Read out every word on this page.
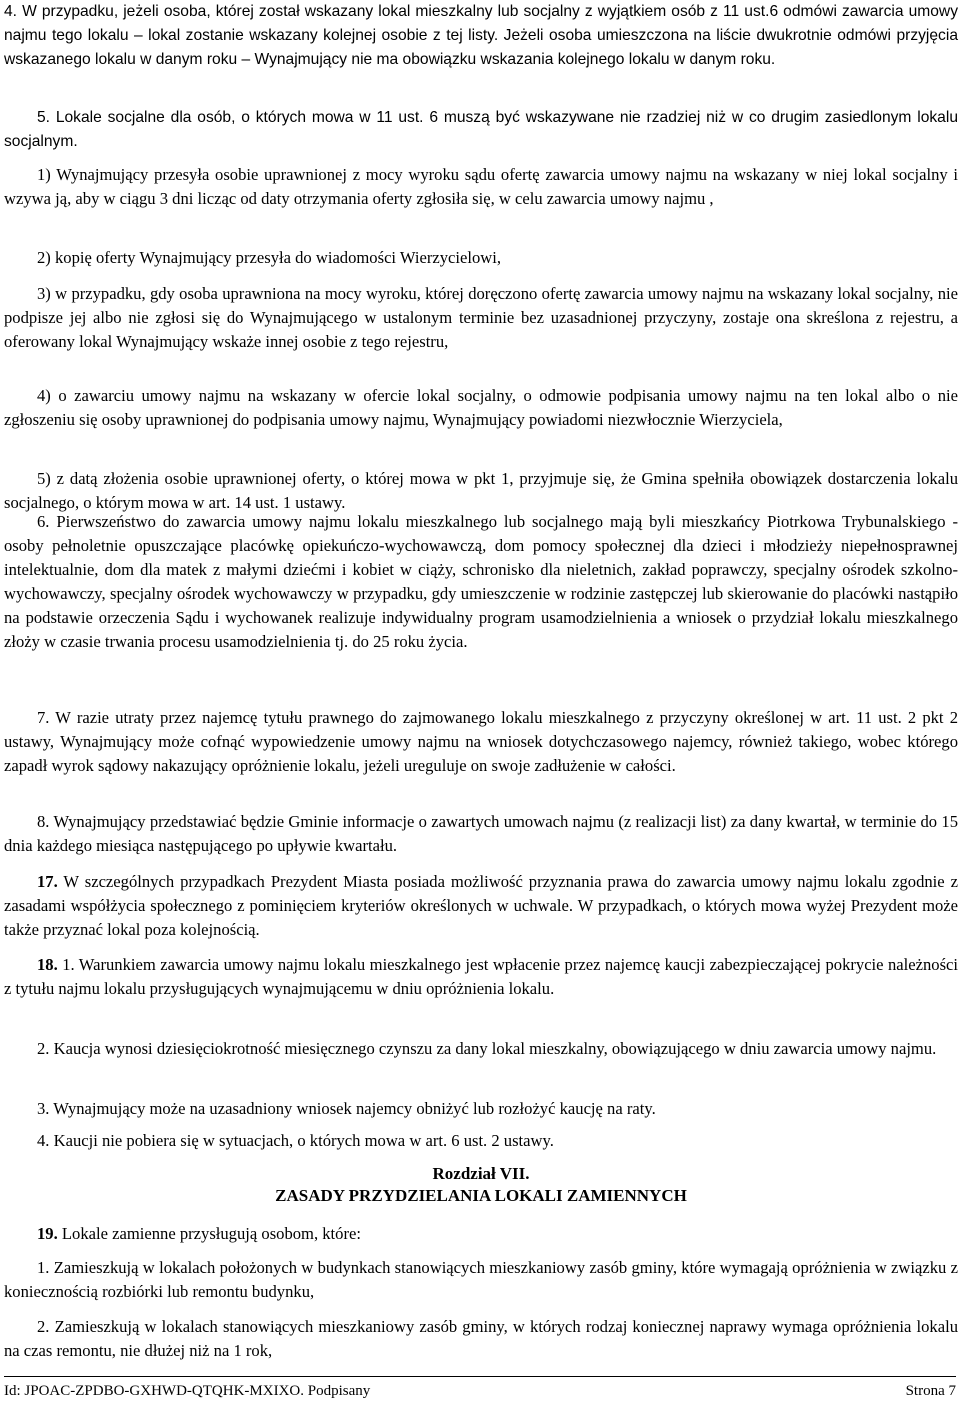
4. W przypadku, jeżeli osoba, której został wskazany lokal mieszkalny lub socjalny z wyjątkiem osób z 11 ust.6 odmówi zawarcia umowy najmu tego lokalu – lokal zostanie wskazany kolejnej osobie z tej listy. Jeżeli osoba umieszczona na liście dwukrotnie odmówi przyjęcia wskazanego lokalu w danym roku – Wynajmujący nie ma obowiązku wskazania kolejnego lokalu w danym roku.

5. Lokale socjalne dla osób, o których mowa w 11 ust. 6 muszą być wskazywane nie rzadziej niż w co drugim zasiedlonym lokalu socjalnym.

1) Wynajmujący przesyła osobie uprawnionej z mocy wyroku sądu ofertę zawarcia umowy najmu na wskazany w niej lokal socjalny i wzywa ją, aby w ciągu 3 dni licząc od daty otrzymania oferty zgłosiła się, w celu zawarcia umowy najmu ,

2) kopię oferty Wynajmujący przesyła do wiadomości Wierzycielowi,

3) w przypadku, gdy osoba uprawniona na mocy wyroku, której doręczono ofertę zawarcia umowy najmu na wskazany lokal socjalny, nie podpisze jej albo nie zgłosi się do Wynajmującego w ustalonym terminie bez uzasadnionej przyczyny, zostaje ona skreślona z rejestru, a oferowany lokal Wynajmujący wskaże innej osobie z tego rejestru,

4) o zawarciu umowy najmu na wskazany w ofercie lokal socjalny, o odmowie podpisania umowy najmu na ten lokal albo o nie zgłoszeniu się osoby uprawnionej do podpisania umowy najmu, Wynajmujący powiadomi niezwłocznie Wierzyciela,

5) z datą złożenia osobie uprawnionej oferty, o której mowa w pkt 1, przyjmuje się, że Gmina spełniła obowiązek dostarczenia lokalu socjalnego, o którym mowa w art. 14 ust. 1 ustawy.

6. Pierwszeństwo do zawarcia umowy najmu lokalu mieszkalnego lub socjalnego mają byli mieszkańcy Piotrkowa Trybunalskiego - osoby pełnoletnie opuszczające placówkę opiekuńczo-wychowawczą, dom pomocy społecznej dla dzieci i młodzieży niepełnosprawnej intelektualnie, dom dla matek z małymi dziećmi i kobiet w ciąży, schronisko dla nieletnich, zakład poprawczy, specjalny ośrodek szkolno-wychowawczy, specjalny ośrodek wychowawczy w przypadku, gdy umieszczenie w rodzinie zastępczej lub skierowanie do placówki nastąpiło na podstawie orzeczenia Sądu i wychowanek realizuje indywidualny program usamodzielnienia a wniosek o przydział lokalu mieszkalnego złoży w czasie trwania procesu usamodzielnienia tj. do 25 roku życia.

7. W razie utraty przez najemcę tytułu prawnego do zajmowanego lokalu mieszkalnego z przyczyny określonej w art. 11 ust. 2 pkt 2 ustawy, Wynajmujący może cofnąć wypowiedzenie umowy najmu na wniosek dotychczasowego najemcy, również takiego, wobec którego zapadł wyrok sądowy nakazujący opróżnienie lokalu, jeżeli ureguluje on swoje zadłużenie w całości.

8. Wynajmujący przedstawiać będzie Gminie informacje o zawartych umowach najmu (z realizacji list) za dany kwartał, w terminie do 15 dnia każdego miesiąca następującego po upływie kwartału.

17. W szczególnych przypadkach Prezydent Miasta posiada możliwość przyznania prawa do zawarcia umowy najmu lokalu zgodnie z zasadami współżycia społecznego z pominięciem kryteriów określonych w uchwale. W przypadkach, o których mowa wyżej Prezydent może także przyznać lokal poza kolejnością.

18. 1. Warunkiem zawarcia umowy najmu lokalu mieszkalnego jest wpłacenie przez najemcę kaucji zabezpieczającej pokrycie należności z tytułu najmu lokalu przysługujących wynajmującemu w dniu opróżnienia lokalu.

2. Kaucja wynosi dziesięciokrotność miesięcznego czynszu za dany lokal mieszkalny, obowiązującego w dniu zawarcia umowy najmu.

3. Wynajmujący może na uzasadniony wniosek najemcy obniżyć lub rozłożyć kaucję na raty.

4. Kaucji nie pobiera się w sytuacjach, o których mowa w art. 6 ust. 2 ustawy.

Rozdział VII.
ZASADY PRZYDZIELANIA LOKALI ZAMIENNYCH

19. Lokale zamienne przysługują osobom, które:

1. Zamieszkują w lokalach położonych w budynkach stanowiących mieszkaniowy zasób gminy, które wymagają opróżnienia w związku z koniecznością rozbiórki lub remontu budynku,

2. Zamieszkują w lokalach stanowiących mieszkaniowy zasób gminy, w których rodzaj koniecznej naprawy wymaga opróżnienia lokalu na czas remontu, nie dłużej niż na 1 rok,

Id: JPOAC-ZPDBO-GXHWD-QTQHK-MXIXO. Podpisany	Strona 7
